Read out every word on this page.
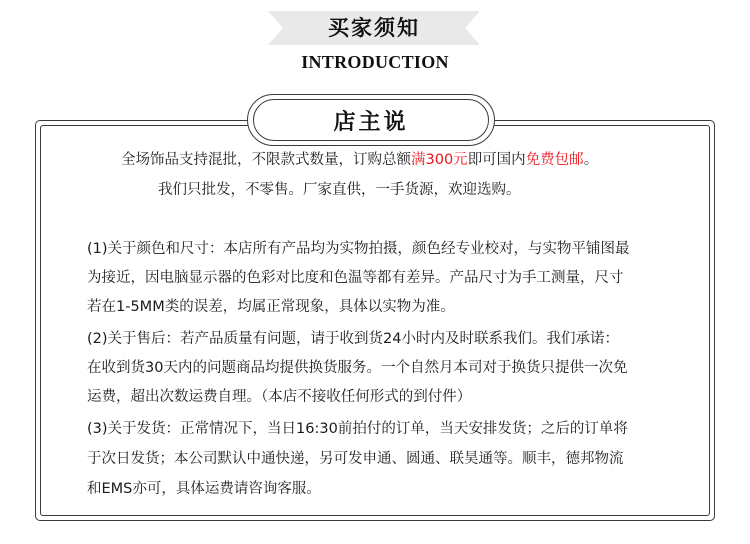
买家须知
INTRODUCTION
店主说

全场饰品支持混批，不限款式数量，订购总额满300元即可国内免费包邮。

我们只批发，不零售。厂家直供，一手货源，欢迎选购。

(1)关于颜色和尺寸：本店所有产品均为实物拍摄，颜色经专业校对，与实物平铺图最

为接近，因电脑显示器的色彩对比度和色温等都有差异。产品尺寸为手工测量，尺寸

若在1-5MM类的误差，均属正常现象，具体以实物为准。

(2)关于售后：若产品质量有问题，请于收到货24小时内及时联系我们。我们承诺：

在收到货30天内的问题商品均提供换货服务。一个自然月本司对于换货只提供一次免

运费，超出次数运费自理。（本店不接收任何形式的到付件）

(3)关于发货：正常情况下，当日16:30前拍付的订单，当天安排发货；之后的订单将

于次日发货；本公司默认中通快递，另可发申通、圆通、联昊通等。顺丰，德邦物流

和EMS亦可，具体运费请咨询客服。
